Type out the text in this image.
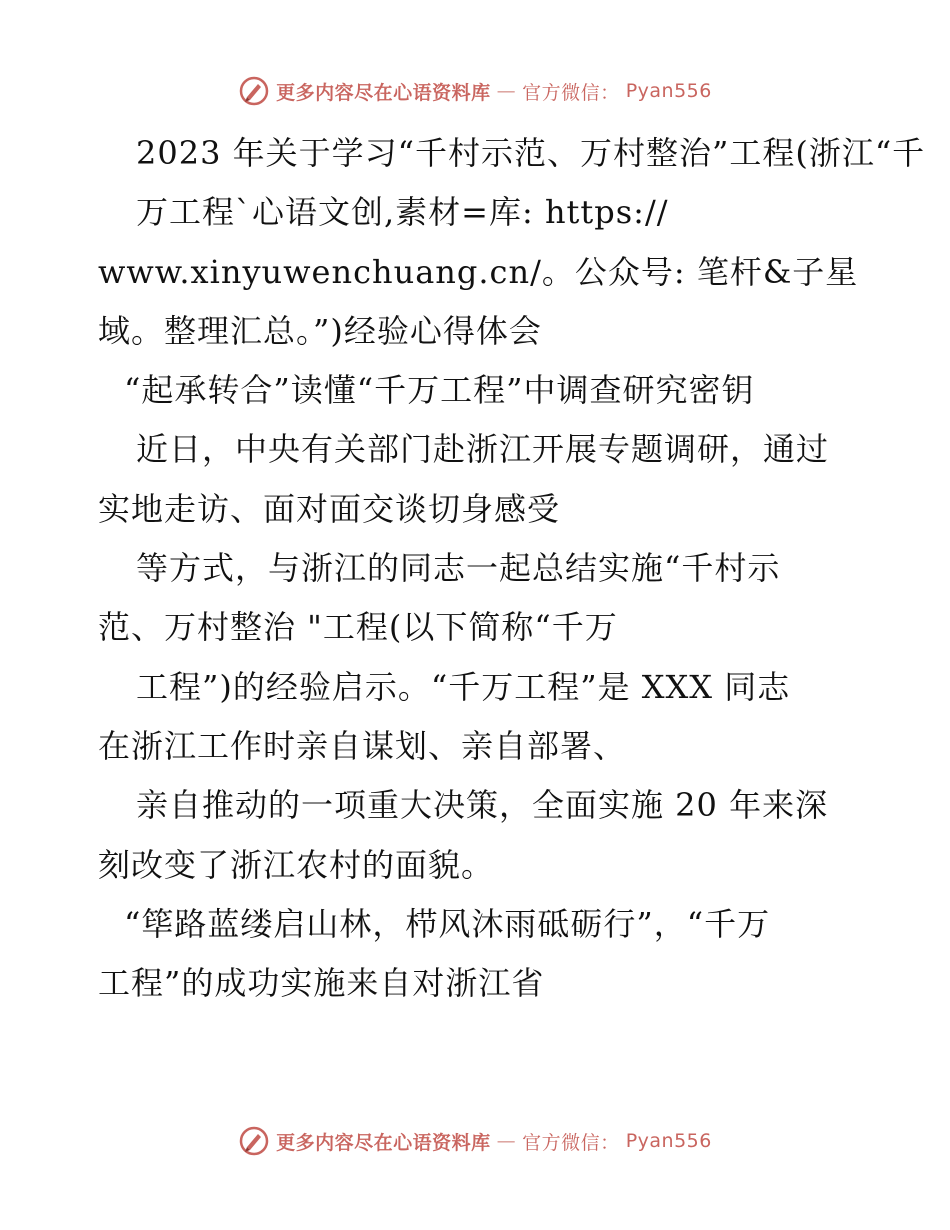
更多内容尽在心语资料库 — 官方微信： Pyan556
2023 年关于学习“千村示范、万村整治”工程(浙江“千
万工程`心语文创,素材=库: https://
www.xinyuwenchuang.cn/。公众号: 笔杆&子星
域。整理汇总。”)经验心得体会
“起承转合”读懂“千万工程”中调查研究密钥
近日，中央有关部门赴浙江开展专题调研，通过
实地走访、面对面交谈切身感受
等方式，与浙江的同志一起总结实施“千村示
范、万村整治 "工程(以下简称“千万
工程”)的经验启示。“千万工程”是 XXX 同志
在浙江工作时亲自谋划、亲自部署、
亲自推动的一项重大决策，全面实施 20 年来深
刻改变了浙江农村的面貌。
“筚路蓝缕启山林，栉风沐雨砥砺行”，“千万
工程”的成功实施来自对浙江省
更多内容尽在心语资料库 — 官方微信： Pyan556
